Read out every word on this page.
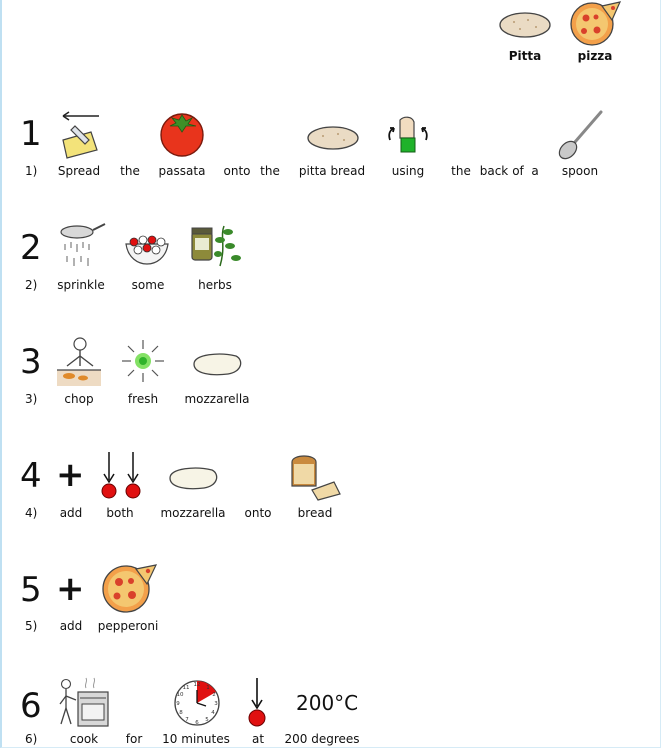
Pitta	pizza
1
1) Spread the passata onto the pitta bread using the back of a spoon
2
2) sprinkle some	herbs
3
3) chop	fresh mozzarella
4 +
4) add both mozzarella onto bread
5 +
5) add pepperoni
6
12 1
2
3
4
5
6
7
8
9
10
11
200°C
6)	cook for 10 minutes at 200 degrees
